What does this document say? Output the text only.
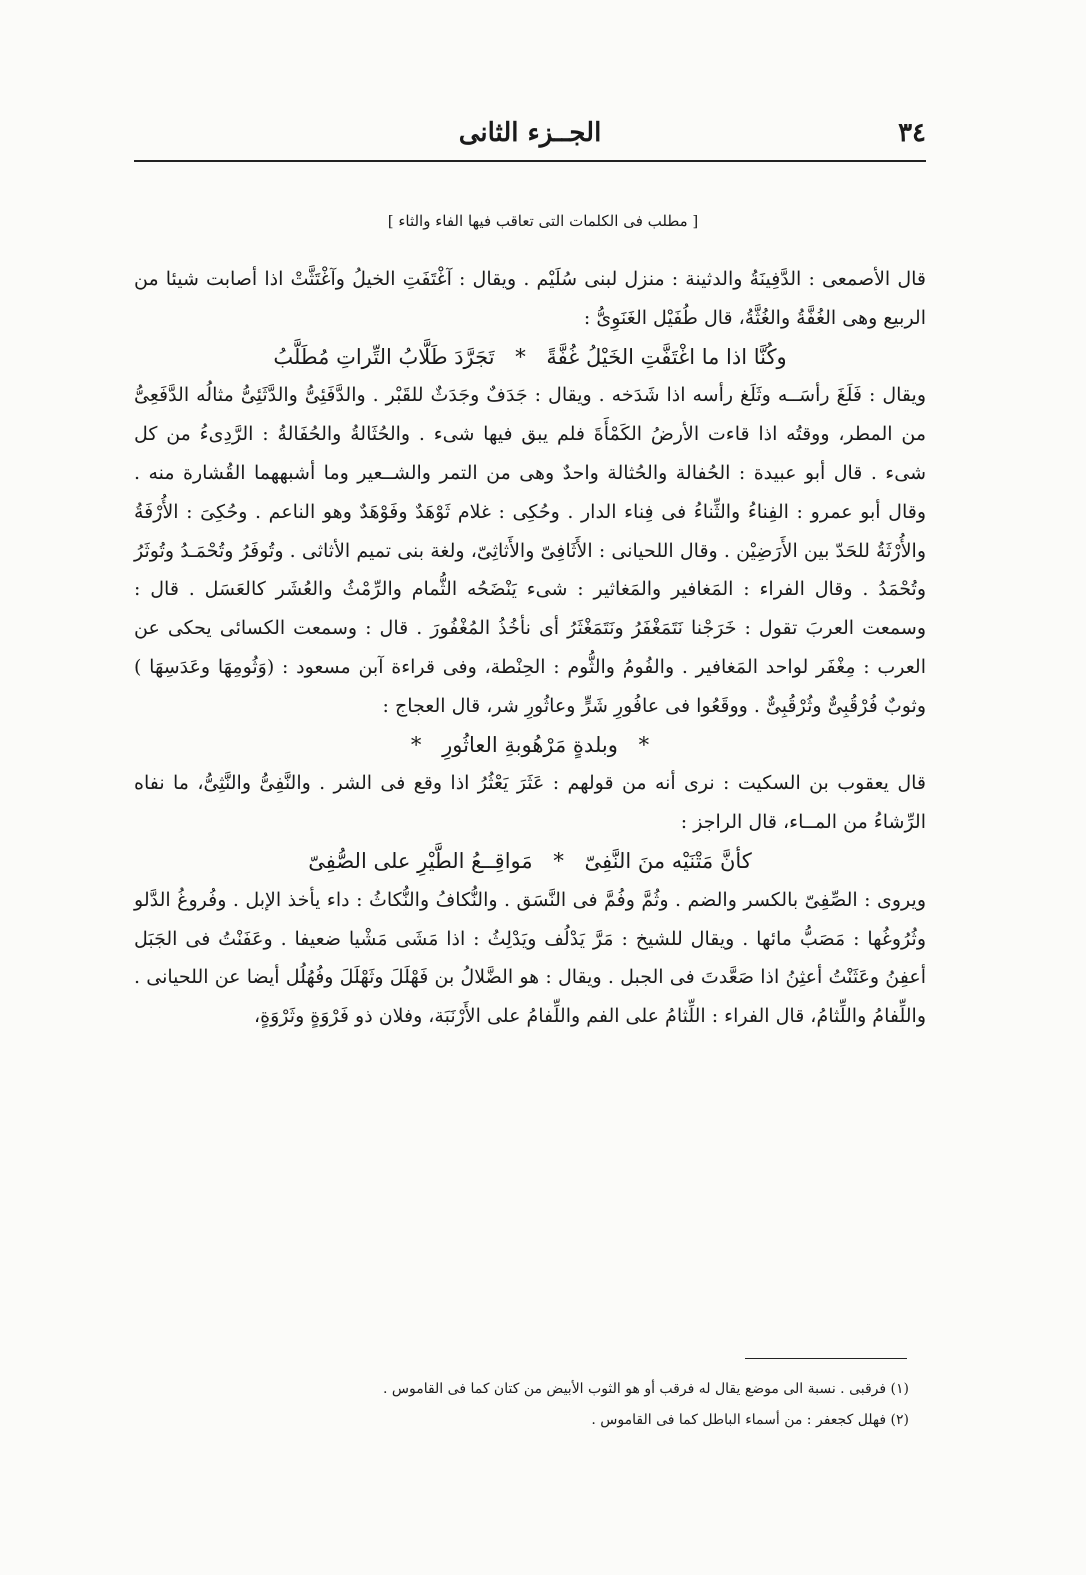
٣٤
الجــزء الثانى
[ مطلب فى الكلمات التى تعاقب فيها الفاء والثاء ]

قال الأصمعى : الدَّفِينَةُ والدثينة : منزل لبنى سُلَيْم . ويقال : آغْتَفَتِ الخيلُ وآغْتَثَّتْ اذا أصابت شيئا من الربيع وهى الغُفَّةُ والغُثَّةُ، قال طُفَيْل الغَنَوِىُّ :

وكُنَّا اذا ما اغْتَفَّتِ الخَيْلُ غُفَّةً * تَجَرَّدَ طَلَّابُ التِّراتِ مُطَلَّبُ

ويقال : فَلَغَ رأسَــه وثَلَغ رأسه اذا شَدَخه . ويقال : جَدَفٌ وجَدَثٌ للقَبْر . والدَّفَئِىُّ والدَّثَئِىُّ مثالُه الدَّفَعِىُّ من المطر، ووقتُه اذا قاءت الأرضُ الكَمْأَةَ فلم يبق فيها شىء . والحُثَالةُ والحُفَالةُ : الرَّدِىءُ من كل شىء . قال أبو عبيدة : الحُفالة والحُثالة واحدٌ وهى من التمر والشــعير وما أشبههما القُشارة منه . وقال أبو عمرو : الفِناءُ والثِّناءُ فى فِناء الدار . وحُكِى : غلام ثَوْهَدٌ وفَوْهَدٌ وهو الناعم . وحُكِىَ : الأُرْفَةُ والأُرْثَةُ للحَدّ بين الأَرَضِيْن . وقال اللحيانى : الأَثَافِىّ والأَثاثِىّ، ولغة بنى تميم الأثاثى . وتُوفَرُ وتُحْمَـدُ وتُوثَرُ وتُحْمَدُ . وقال الفراء : المَغافير والمَغاثير : شىء يَنْضَحُه الثُّمام والرِّمْثُ والعُشَر كالعَسَل . قال : وسمعت العربَ تقول : خَرَجْنا نَتَمَغْفَرُ ونَتَمَغْثَرُ أى نأخُذُ المُغْفُورَ . قال : وسمعت الكسائى يحكى عن العرب : مِغْفَر لواحد المَغافير . والفُومُ والثُّوم : الحِنْطة، وفى قراءة آبن مسعود : (وَثُومِهَا وعَدَسِهَا ) وثوبٌ فُرْقُبِىٌّ وثُرْقُبِىٌّ . ووقَعُوا فى عافُورِ شَرٍّ وعاثُورِ شر، قال العجاج :

* وبلدةٍ مَرْهُوبةِ العاثُورِ *

قال يعقوب بن السكيت : نرى أنه من قولهم : عَثَرَ يَعْثُرُ اذا وقع فى الشر . والنَّفِىُّ والنَّثِىُّ، ما نفاه الرِّشاءُ من المــاء، قال الراجز :

كأنَّ مَتْنَيْه منَ النَّفِىّ * مَواقِــعُ الطَّيْرِ على الصُّفِىّ

ويروى : الصِّفِىّ بالكسر والضم . وثُمَّ وفُمَّ فى النَّسَق . والنُّكافُ والنُّكاثُ : داء يأخذ الإبل . وفُروغُ الدَّلو وثُرُوغُها : مَصَبُّ مائها . ويقال للشيخ : مَرَّ يَدْلُف ويَدْلِثُ : اذا مَشَى مَشْيا ضعيفا . وعَفَنْتُ فى الجَبَل أعفِنُ وعَثَنْتُ أعثِنُ اذا صَعَّدتَ فى الجبل . ويقال : هو الضَّلالُ بن فَهْلَلَ وثَهْلَلَ وفُهُلُل أيضا عن اللحيانى . واللِّفامُ واللِّثامُ، قال الفراء : اللِّثامُ على الفم واللِّفامُ على الأَرْنَبَة، وفلان ذو فَرْوَةٍ وثَرْوَةٍ،

(١) فرقبى . نسبة الى موضع يقال له فرقب أو هو الثوب الأبيض من كتان كما فى القاموس .

(٢) فهلل كجعفر : من أسماء الباطل كما فى القاموس .
